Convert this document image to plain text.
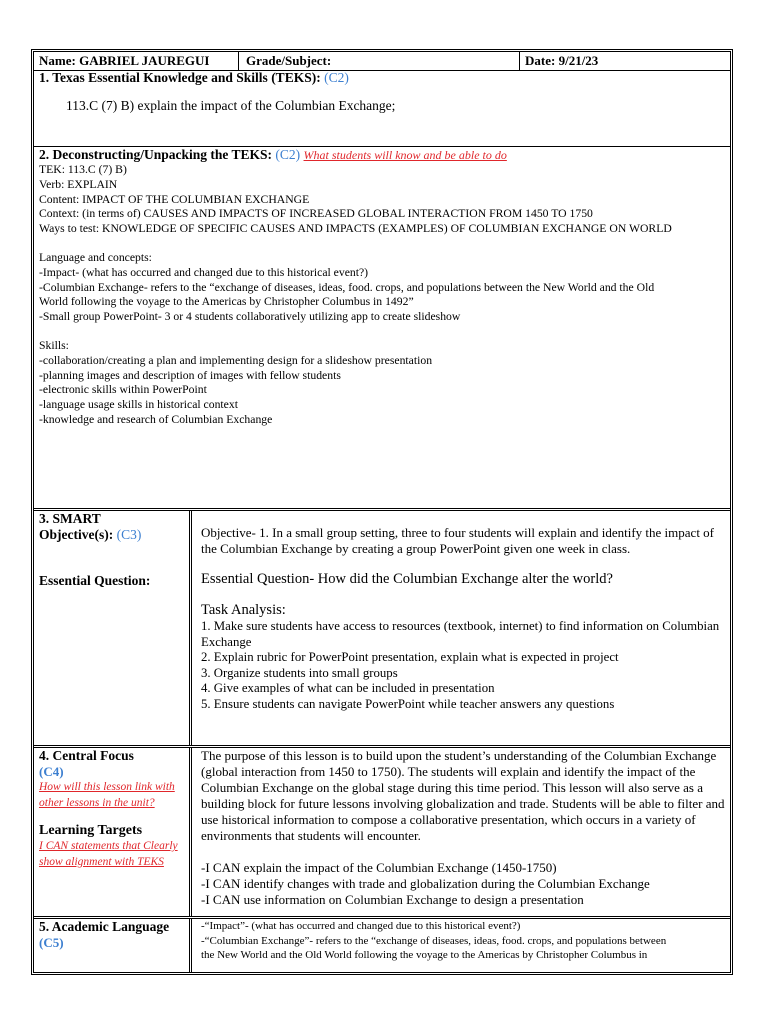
Name: GABRIEL JAUREGUI	Grade/Subject:	Date: 9/21/23

1. Texas Essential Knowledge and Skills (TEKS): (C2)

113.C (7) B) explain the impact of the Columbian Exchange;

2. Deconstructing/Unpacking the TEKS: (C2) What students will know and be able to do

TEK: 113.C (7) B)

Verb: EXPLAIN

Content: IMPACT OF THE COLUMBIAN EXCHANGE

Context: (in terms of) CAUSES AND IMPACTS OF INCREASED GLOBAL INTERACTION FROM 1450 TO 1750

Ways to test: KNOWLEDGE OF SPECIFIC CAUSES AND IMPACTS (EXAMPLES) OF COLUMBIAN EXCHANGE ON WORLD

Language and concepts:

-Impact- (what has occurred and changed due to this historical event?)

-Columbian Exchange- refers to the “exchange of diseases, ideas, food. crops, and populations between the New World and the Old

World following the voyage to the Americas by Christopher Columbus in 1492”

-Small group PowerPoint- 3 or 4 students collaboratively utilizing app to create slideshow

Skills:

-collaboration/creating a plan and implementing design for a slideshow presentation

-planning images and description of images with fellow students

-electronic skills within PowerPoint

-language usage skills in historical context

-knowledge and research of Columbian Exchange

3. SMART

Objective(s): (C3)

Essential Question:

Objective- 1. In a small group setting, three to four students will explain and identify the impact of the Columbian Exchange by creating a group PowerPoint given one week in class.

Essential Question- How did the Columbian Exchange alter the world?

Task Analysis:

1. Make sure students have access to resources (textbook, internet) to find information on Columbian Exchange

2. Explain rubric for PowerPoint presentation, explain what is expected in project

3. Organize students into small groups

4. Give examples of what can be included in presentation

5. Ensure students can navigate PowerPoint while teacher answers any questions

4. Central Focus

(C4)

How will this lesson link with other lessons in the unit?

Learning Targets

I CAN statements that Clearly show alignment with TEKS

The purpose of this lesson is to build upon the student’s understanding of the Columbian Exchange (global interaction from 1450 to 1750). The students will explain and identify the impact of the Columbian Exchange on the global stage during this time period. This lesson will also serve as a building block for future lessons involving globalization and trade. Students will be able to filter and use historical information to compose a collaborative presentation, which occurs in a variety of environments that students will encounter.

-I CAN explain the impact of the Columbian Exchange (1450-1750)

-I CAN identify changes with trade and globalization during the Columbian Exchange

-I CAN use information on Columbian Exchange to design a presentation

5. Academic Language

(C5)

-“Impact”- (what has occurred and changed due to this historical event?)

-“Columbian Exchange”- refers to the “exchange of diseases, ideas, food. crops, and populations between

the New World and the Old World following the voyage to the Americas by Christopher Columbus in
